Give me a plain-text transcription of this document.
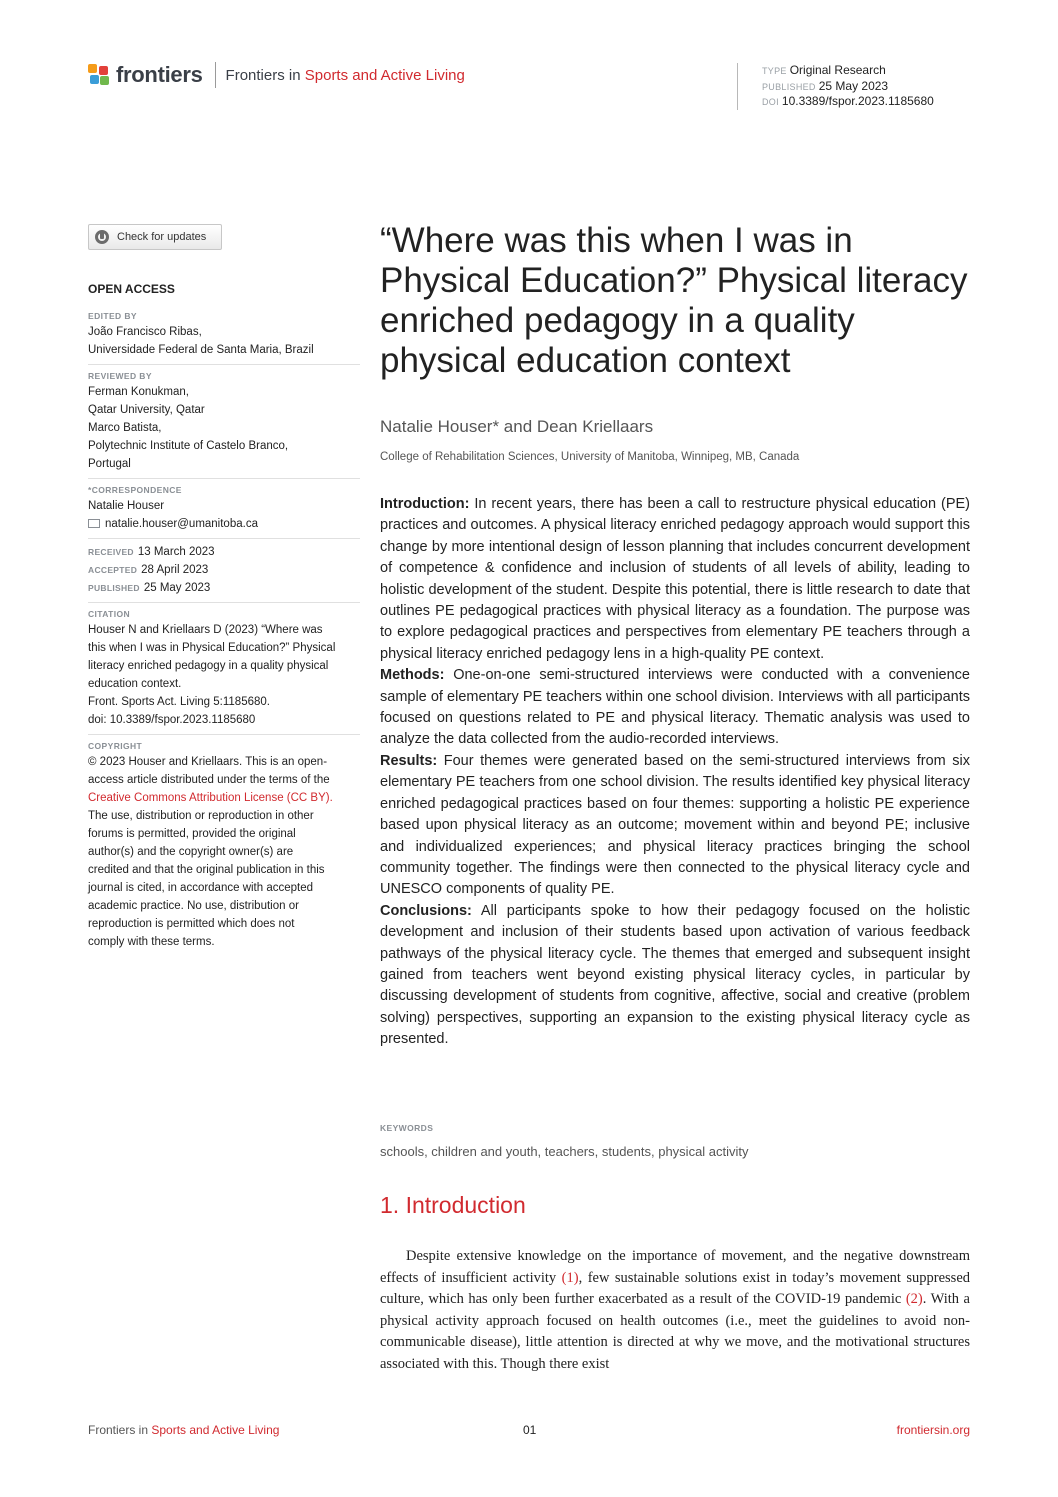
frontiers Frontiers in Sports and Active Living	TYPE Original Research
PUBLISHED 25 May 2023
DOI 10.3389/fspor.2023.1185680
Check for updates
OPEN ACCESS
EDITED BY
João Francisco Ribas,
Universidade Federal de Santa Maria, Brazil
REVIEWED BY
Ferman Konukman,
Qatar University, Qatar
Marco Batista,
Polytechnic Institute of Castelo Branco,
Portugal
*CORRESPONDENCE
Natalie Houser
natalie.houser@umanitoba.ca
RECEIVED 13 March 2023
ACCEPTED 28 April 2023
PUBLISHED 25 May 2023
CITATION
Houser N and Kriellaars D (2023) “Where was
this when I was in Physical Education?” Physical
literacy enriched pedagogy in a quality physical
education context.
Front. Sports Act. Living 5:1185680.
doi: 10.3389/fspor.2023.1185680
COPYRIGHT
© 2023 Houser and Kriellaars. This is an open-
access article distributed under the terms of the
Creative Commons Attribution License (CC BY).
The use, distribution or reproduction in other
forums is permitted, provided the original
author(s) and the copyright owner(s) are
credited and that the original publication in this
journal is cited, in accordance with accepted
academic practice. No use, distribution or
reproduction is permitted which does not
comply with these terms.
“Where was this when I was in Physical Education?” Physical literacy enriched pedagogy in a quality physical education context
Natalie Houser* and Dean Kriellaars
College of Rehabilitation Sciences, University of Manitoba, Winnipeg, MB, Canada

Introduction: In recent years, there has been a call to restructure physical education (PE) practices and outcomes. A physical literacy enriched pedagogy approach would support this change by more intentional design of lesson planning that includes concurrent development of competence & confidence and inclusion of students of all levels of ability, leading to holistic development of the student. Despite this potential, there is little research to date that outlines PE pedagogical practices with physical literacy as a foundation. The purpose was to explore pedagogical practices and perspectives from elementary PE teachers through a physical literacy enriched pedagogy lens in a high-quality PE context.

Methods: One-on-one semi-structured interviews were conducted with a convenience sample of elementary PE teachers within one school division. Interviews with all participants focused on questions related to PE and physical literacy. Thematic analysis was used to analyze the data collected from the audio-recorded interviews.

Results: Four themes were generated based on the semi-structured interviews from six elementary PE teachers from one school division. The results identified key physical literacy enriched pedagogical practices based on four themes: supporting a holistic PE experience based upon physical literacy as an outcome; movement within and beyond PE; inclusive and individualized experiences; and physical literacy practices bringing the school community together. The findings were then connected to the physical literacy cycle and UNESCO components of quality PE.

Conclusions: All participants spoke to how their pedagogy focused on the holistic development and inclusion of their students based upon activation of various feedback pathways of the physical literacy cycle. The themes that emerged and subsequent insight gained from teachers went beyond existing physical literacy cycles, in particular by discussing development of students from cognitive, affective, social and creative (problem solving) perspectives, supporting an expansion to the existing physical literacy cycle as presented.

KEYWORDS
schools, children and youth, teachers, students, physical activity
1. Introduction

Despite extensive knowledge on the importance of movement, and the negative downstream effects of insufficient activity (1), few sustainable solutions exist in today’s movement suppressed culture, which has only been further exacerbated as a result of the COVID-19 pandemic (2). With a physical activity approach focused on health outcomes (i.e., meet the guidelines to avoid non-communicable disease), little attention is directed at why we move, and the motivational structures associated with this. Though there exist

Frontiers in Sports and Active Living	01	frontiersin.org
